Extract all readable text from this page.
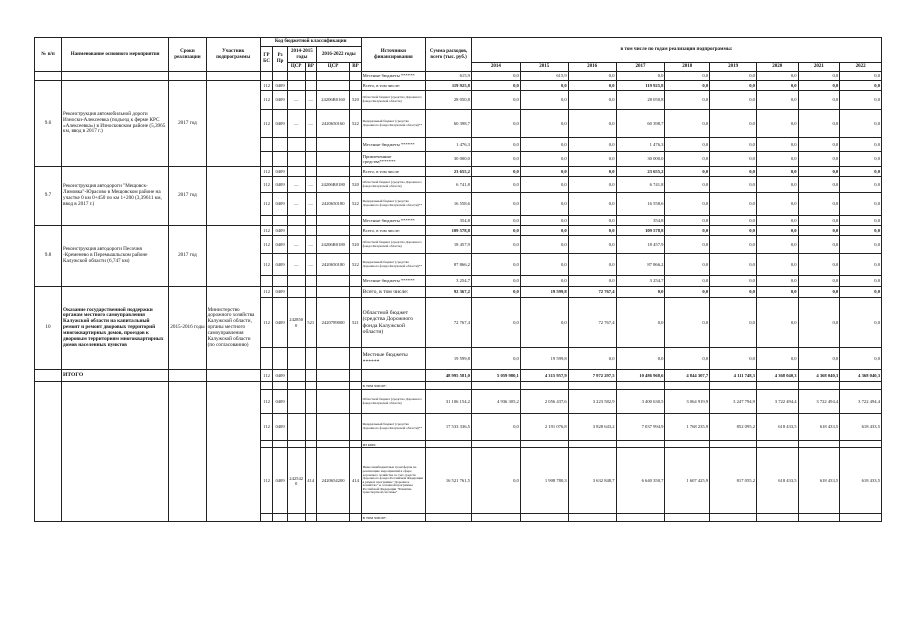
№ п/п	Наименование основного мероприятия	Сроки реализации	Участник подпрограммы	Код бюджетной классификации						Источники финансирования	Сумма расходов, всего (тыс. руб.)	в том числе по годам реализации подпрограммы:								
				ГРБС	Рз Пр	2014-2015 годы		2016-2022 годы												
						ЦСР	ВР	ЦСР	ВР			2014	2015	2016	2017	2018	2019	2020	2021	2022
										Местные бюджеты ******	615,9	0,0	615,9	0,0	0,0	0,0	0,0	0,0	0,0	0,0
9.6	Реконструкция автомобильной дороги Износки-Алексеевка (подъезд к ферме КРС «Алексеевка») в Износковском районе (5,3965 км, ввод в 2017 г.)	2017 год		112	0409					Всего, в том числе:	119 925,8	0,0	0,0	0,0	119 925,8	0,0	0,0	0,0	0,0	0,0
				112	0409	—	—	24206R0160	520	Областной бюджет (средства Дорожного фонда Калужской области)	28 050,8	0,0	0,0	0,0	28 050,8	0,0	0,0	0,0	0,0	0,0
				112	0409	—	—	2420650160	522	Федеральный бюджет (средства Дорожного фонда Калужской области)**	60 398,7	0,0	0,0	0,0	60 398,7	0,0	0,0	0,0	0,0	0,0
										Местные бюджеты ******	1 476,3	0,0	0,0	0,0	1 476,3	0,0	0,0	0,0	0,0	0,0
										Привлеченные средства*******	30 000,0	0,0	0,0	0,0	30 000,0	0,0	0,0	0,0	0,0	0,0
9.7	Реконструкция автодороги "Мещовск-Лимовка"-Юрасово в Мещовском районе на участке 0 км 0+450 по км 1+200 (3,39611 км, ввод в 2017 г.)	2017 год		112	0409					Всего, в том числе	23 655,2	0,0	0,0	0,0	23 655,2	0,0	0,0	0,0	0,0	0,0
				112	0409	—	—	24206R0180	520	Областной бюджет (средства Дорожного фонда Калужской области)	6 741,8	0,0	0,0	0,0	6 741,8	0,0	0,0	0,0	0,0	0,0
				112	0409	—	—	2420650180	522	Федеральный бюджет (средства Дорожного фонда Калужской области)**	16 558,6	0,0	0,0	0,0	16 558,6	0,0	0,0	0,0	0,0	0,0
										Местные бюджеты ******	354,8	0,0	0,0	0,0	354,8	0,0	0,0	0,0	0,0	0,0
9.8	Реконструкция автодороги Песочня -Кременево в Перемышльском районе Калужской области (6,747 км)	2017 год		112	0409					Всего, в том числе:	109 578,8	0,0	0,0	0,0	109 578,8	0,0	0,0	0,0	0,0	0,0
				112	0409	—	—	24206R0180	520	Областной бюджет (средства Дорожного фонда Калужской области)	18 457,9	0,0	0,0	0,0	18 457,9	0,0	0,0	0,0	0,0	0,0
				112	0409	—	—	2420650180	522	Федеральный бюджет (средства Дорожного фонда Калужской области)**	87 866,2	0,0	0,0	0,0	87 866,2	0,0	0,0	0,0	0,0	0,0
										Местные бюджеты ******	3 254,7	0,0	0,0	0,0	3 254,7	0,0	0,0	0,0	0,0	0,0
10	Оказание государственной поддержки органам местного самоуправления Калужской области на капитальный ремонт и ремонт дворовых территорий многоквартирных домов, проездов к дворовым территориям многоквартирных домов населенных пунктов	2015-2016 годы	Министерство дорожного хозяйства Калужской области, органы местного самоуправления Калужской области (по согласованию)	112	0409					Всего, в том числе:	92 367,2	0,0	19 599,8	72 767,4	0,0	0,0	0,0	0,0	0,0	0,0
				112	0409	2428500	521	2420789000	521	Областной бюджет (средства Дорожного фонда Калужской области)	72 767,4	0,0	0,0	72 767,4	0,0	0,0	0,0	0,0	0,0	0,0
										Местные бюджеты ******	19 599,8	0,0	19 599,8	0,0	0,0	0,0	0,0	0,0	0,0	0,0
	ИТОГО			112	0409						48 995 581,0	5 059 980,1	4 315 957,9	7 972 297,5	10 486 968,6	4 844 307,7	4 111 748,3	4 368 040,3	4 368 040,3	4 368 040,3
										в том числе:										
				112	0409					Областной бюджет (средства Дорожного фонда Калужской области)	31 106 154,2	4 936 305,2	2 056 437,6	3 223 582,9	3 400 630,5	3 064 919,9	3 247 794,9	3 722 494,4	3 722 494,4	3 722 494,4
				112	0409					Федеральный бюджет (средства Дорожного фонда Калужской области)**	17 533 336,5	0,0	2 191 076,8	3 828 643,2	7 037 994,9	1 768 235,9	852 095,2	618 433,5	618 433,5	618 433,5
										из них:										
				112	0409	2425420	414	2420654200	414	Иные межбюджетные трансферты на реализацию мероприятий в сфере дорожного хозяйства за счет средств Дорожного фонда Российской Федерации в рамках программы "Дорожное хозяйство" и основной программы Российской Федерации "Развитие транспортной системы"	16 521 761,5	0,0	1 908 780,3	3 632 848,7	6 640 350,7	1 607 425,9	817 055,2	618 433,5	618 433,5	618 433,5
										в том числе:										
